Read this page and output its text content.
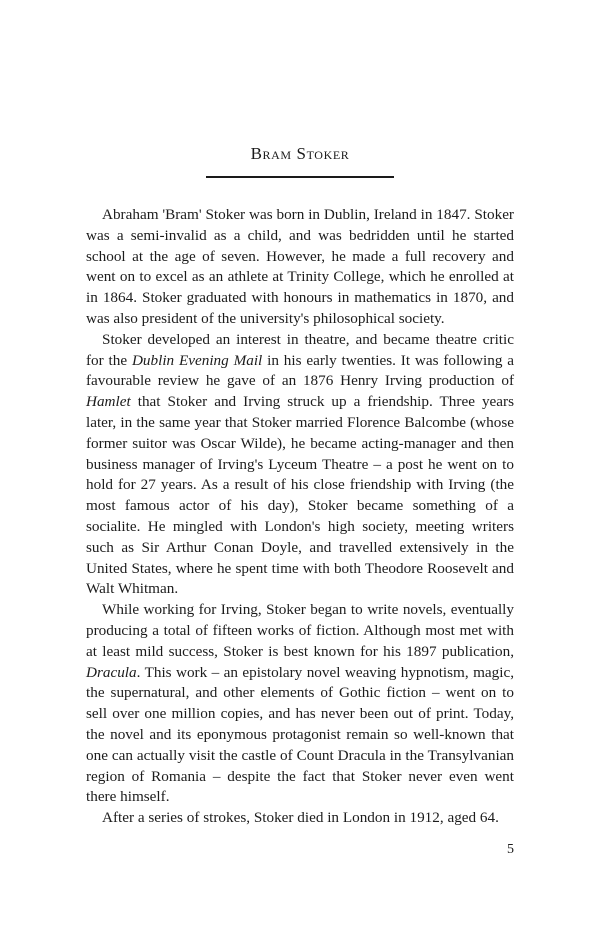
Bram Stoker

Abraham 'Bram' Stoker was born in Dublin, Ireland in 1847. Stoker was a semi-invalid as a child, and was bedridden until he started school at the age of seven. However, he made a full recovery and went on to excel as an athlete at Trinity College, which he enrolled at in 1864. Stoker graduated with honours in mathematics in 1870, and was also president of the university's philosophical society.

Stoker developed an interest in theatre, and became theatre critic for the Dublin Evening Mail in his early twenties. It was following a favourable review he gave of an 1876 Henry Irving production of Hamlet that Stoker and Irving struck up a friendship. Three years later, in the same year that Stoker married Florence Balcombe (whose former suitor was Oscar Wilde), he became acting-manager and then business manager of Irving's Lyceum Theatre – a post he went on to hold for 27 years. As a result of his close friendship with Irving (the most famous actor of his day), Stoker became something of a socialite. He mingled with London's high society, meeting writers such as Sir Arthur Conan Doyle, and travelled extensively in the United States, where he spent time with both Theodore Roosevelt and Walt Whitman.

While working for Irving, Stoker began to write novels, eventually producing a total of fifteen works of fiction. Although most met with at least mild success, Stoker is best known for his 1897 publication, Dracula. This work – an epistolary novel weaving hypnotism, magic, the supernatural, and other elements of Gothic fiction – went on to sell over one million copies, and has never been out of print. Today, the novel and its eponymous protagonist remain so well-known that one can actually visit the castle of Count Dracula in the Transylvanian region of Romania – despite the fact that Stoker never even went there himself.

After a series of strokes, Stoker died in London in 1912, aged 64.

5
